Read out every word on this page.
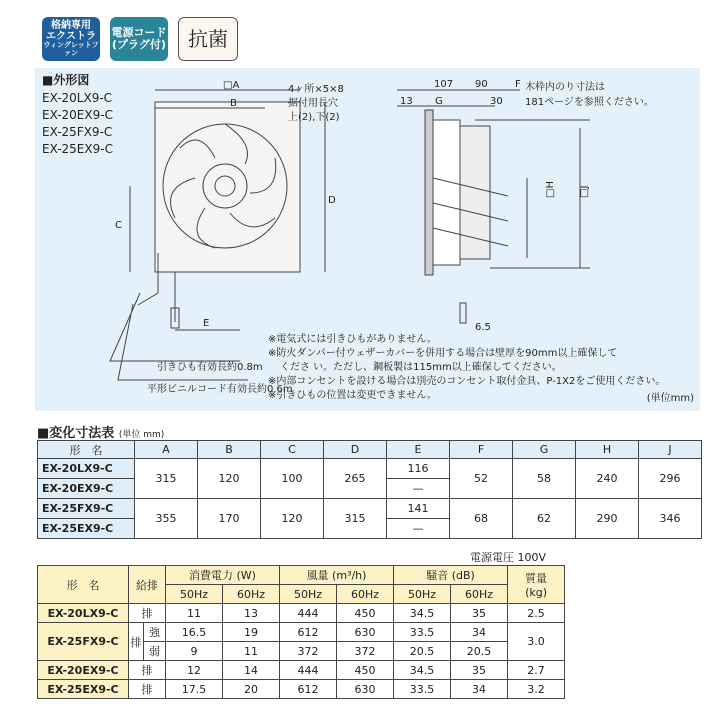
格納専用
エクストラ
ウィングレットファン
電源コード
(プラグ付)	抗菌
■外形図
EX-20LX9-C
EX-20EX9-C
EX-25FX9-C
EX-25EX9-C
□A
B
D
C
E
4ヶ所×5×8
据付用長穴
上(2),下(2)
引きひも有効長約0.8m
平形ビニルコード有効長約0.6m
107 90	F
13 G	30
□H □J
6.5
木枠内のり寸法は
181ページを参照ください。
※電気式には引きひもがありません。
※防火ダンパー付ウェザーカバーを併用する場合は壁厚を90mm以上確保して
くださ い。ただし、鋼板製は115mm以上確保してください。
※内部コンセントを設ける場合は別売のコンセント取付金具、P-1X2をご使用ください。
※引きひもの位置は変更できません。	(単位mm)
■変化寸法表 (単位 mm)
形　名	A	B	C	D	E	F	G	H	J
EX-20LX9-C	315	120	100	265	116	52	58	240	296
EX-20EX9-C					—				
EX-25FX9-C	355	170	120	315	141	68	62	290	346
EX-25EX9-C					—				
電源電圧 100V
形　名	給排		消費電力 (W)		風量 (m³/h)		騒音 (dB)		質量
(kg)
			50Hz	60Hz	50Hz	60Hz	50Hz	60Hz	
EX-20LX9-C	排		11	13	444	450	34.5	35	2.5
EX-25FX9-C	排	強	16.5	19	612	630	33.5	34	3.0
		弱	9	11	372	372	20.5	20.5	
EX-20EX9-C	排		12	14	444	450	34.5	35	2.7
EX-25EX9-C	排		17.5	20	612	630	33.5	34	3.2
